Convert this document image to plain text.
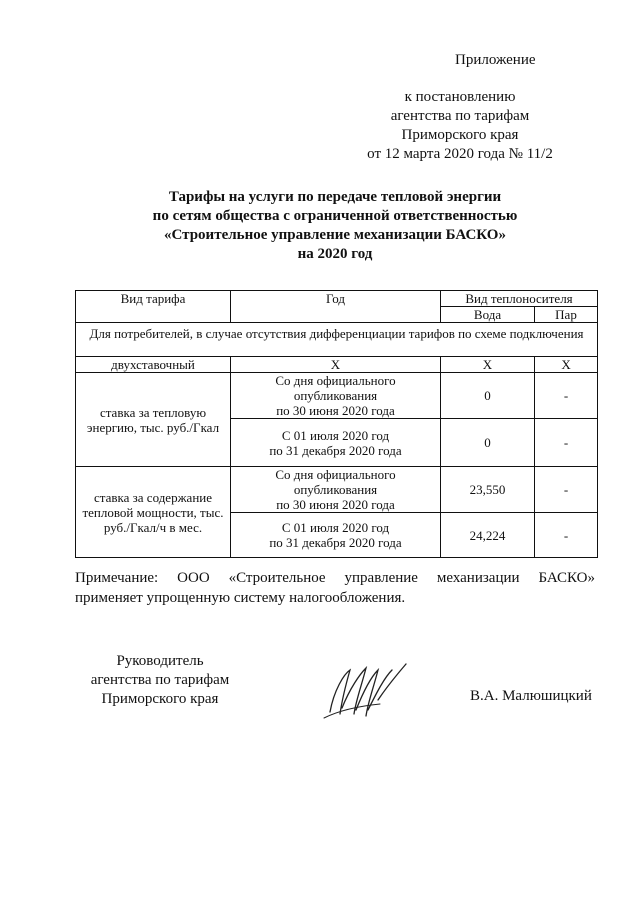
Приложение
к постановлению
агентства по тарифам
Приморского края
от 12 марта 2020 года № 11/2
Тарифы на услуги по передаче тепловой энергии
по сетям общества с ограниченной ответственностью
«Строительное управление механизации БАСКО»
на 2020 год
Вид тарифа	Год	Вид теплоносителя	
		Вода	Пар
Для потребителей, в случае отсутствия дифференциации тарифов по схеме подключения			
двухставочный	Х	Х	Х
ставка за тепловую энергию, тыс. руб./Гкал	Со дня официального
опубликования
по 30 июня 2020 года	0	-

	С 01 июля 2020 год
по 31 декабря 2020 года	0	-
ставка за содержание тепловой мощности, тыс. руб./Гкал/ч в мес.	Со дня официального
опубликования
по 30 июня 2020 года	23,550	-

	С 01 июля 2020 год
по 31 декабря 2020 года	24,224	-
Примечание: ООО «Строительное управление механизации БАСКО»
применяет упрощенную систему налогообложения.
Руководитель
агентства по тарифам
Приморского края	В.А. Малюшицкий
